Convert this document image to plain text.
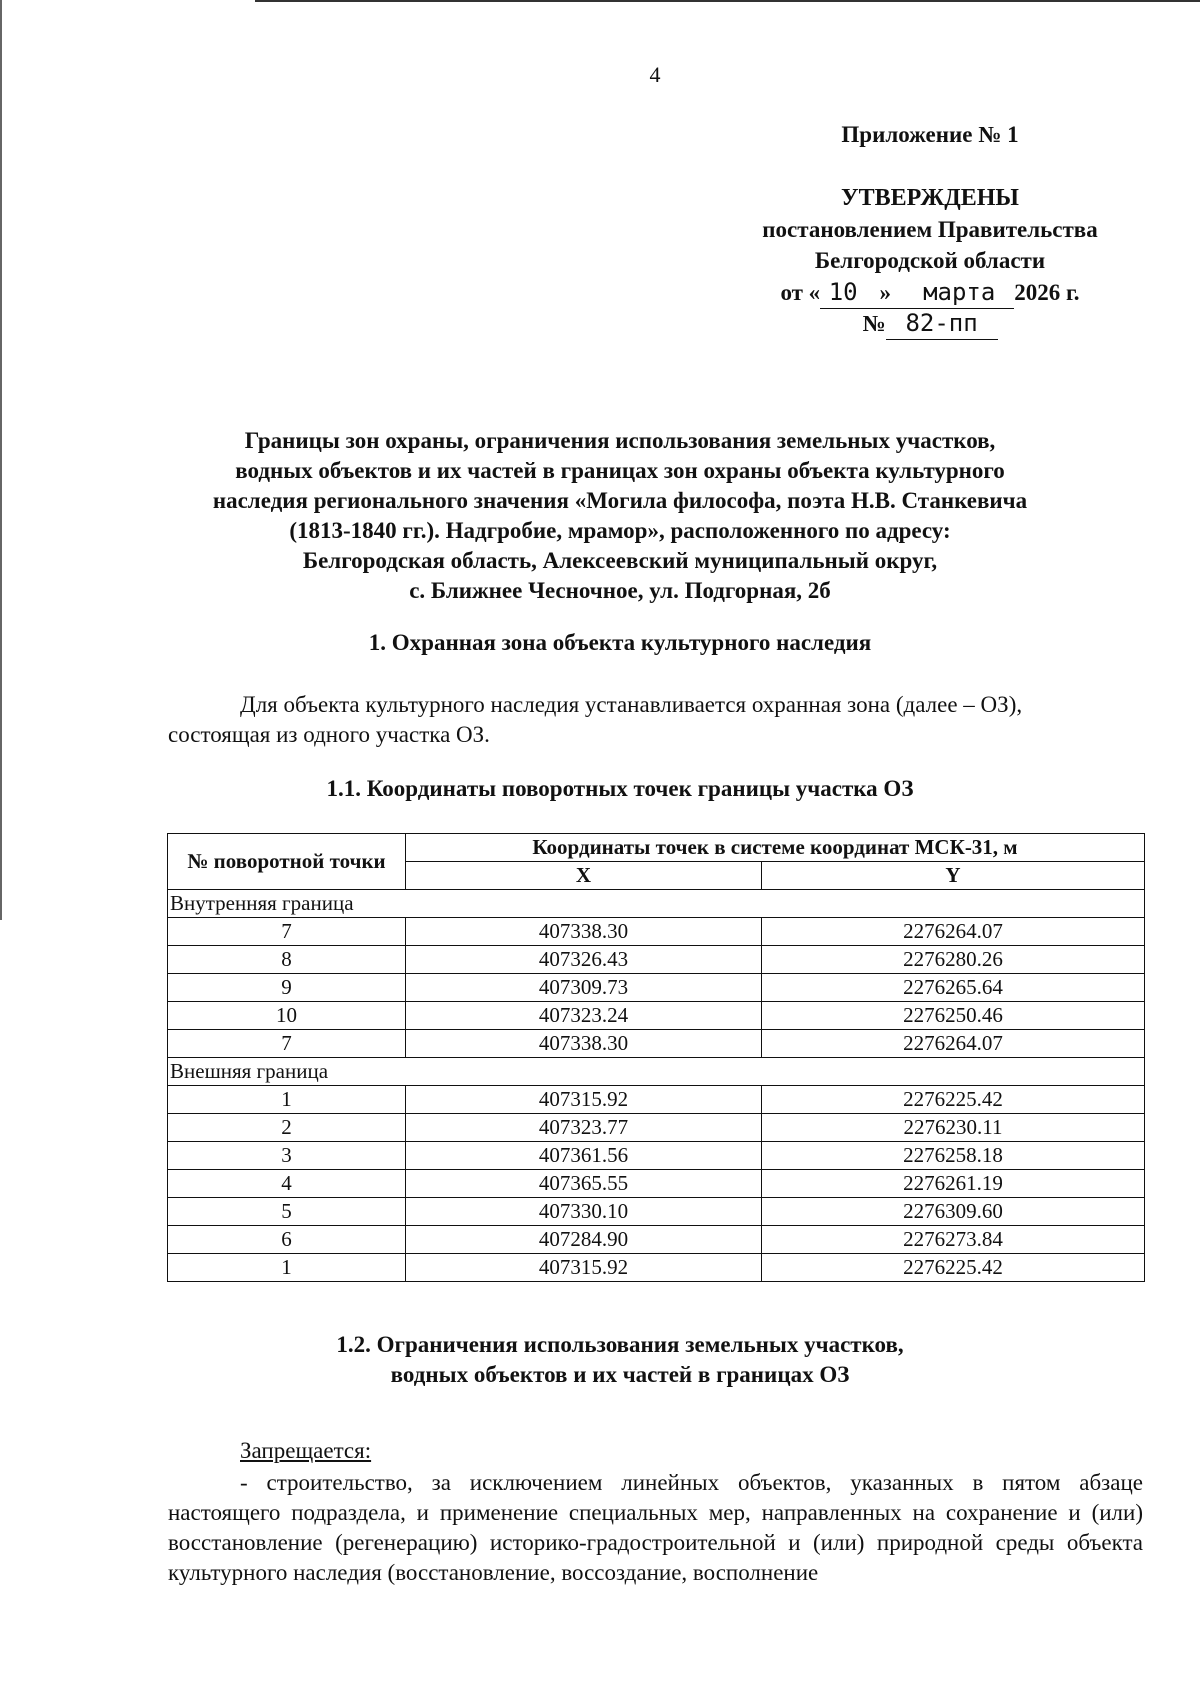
4
Приложение № 1
УТВЕРЖДЕНЫ
постановлением Правительства
Белгородской области
от « 10 » марта 2026 г.
№ 82-пп
Границы зон охраны, ограничения использования земельных участков,
водных объектов и их частей в границах зон охраны объекта культурного
наследия регионального значения «Могила философа, поэта Н.В. Станкевича
(1813-1840 гг.). Надгробие, мрамор», расположенного по адресу:
Белгородская область, Алексеевский муниципальный округ,
с. Ближнее Чесночное, ул. Подгорная, 2б
1. Охранная зона объекта культурного наследия
Для объекта культурного наследия устанавливается охранная зона (далее – ОЗ),
состоящая из одного участка ОЗ.
1.1. Координаты поворотных точек границы участка ОЗ
№ поворотной точки	Координаты точек в системе координат МСК-31, м	
	X	Y
Внутренняя граница		
7	407338.30	2276264.07
8	407326.43	2276280.26
9	407309.73	2276265.64
10	407323.24	2276250.46
7	407338.30	2276264.07
Внешняя граница		
1	407315.92	2276225.42
2	407323.77	2276230.11
3	407361.56	2276258.18
4	407365.55	2276261.19
5	407330.10	2276309.60
6	407284.90	2276273.84
1	407315.92	2276225.42
1.2. Ограничения использования земельных участков,
водных объектов и их частей в границах ОЗ
Запрещается:
- строительство, за исключением линейных объектов, указанных в пятом абзаце настоящего подраздела, и применение специальных мер, направленных на сохранение и (или) восстановление (регенерацию) историко-градостроительной и (или) природной среды объекта культурного наследия (восстановление, воссоздание, восполнение
